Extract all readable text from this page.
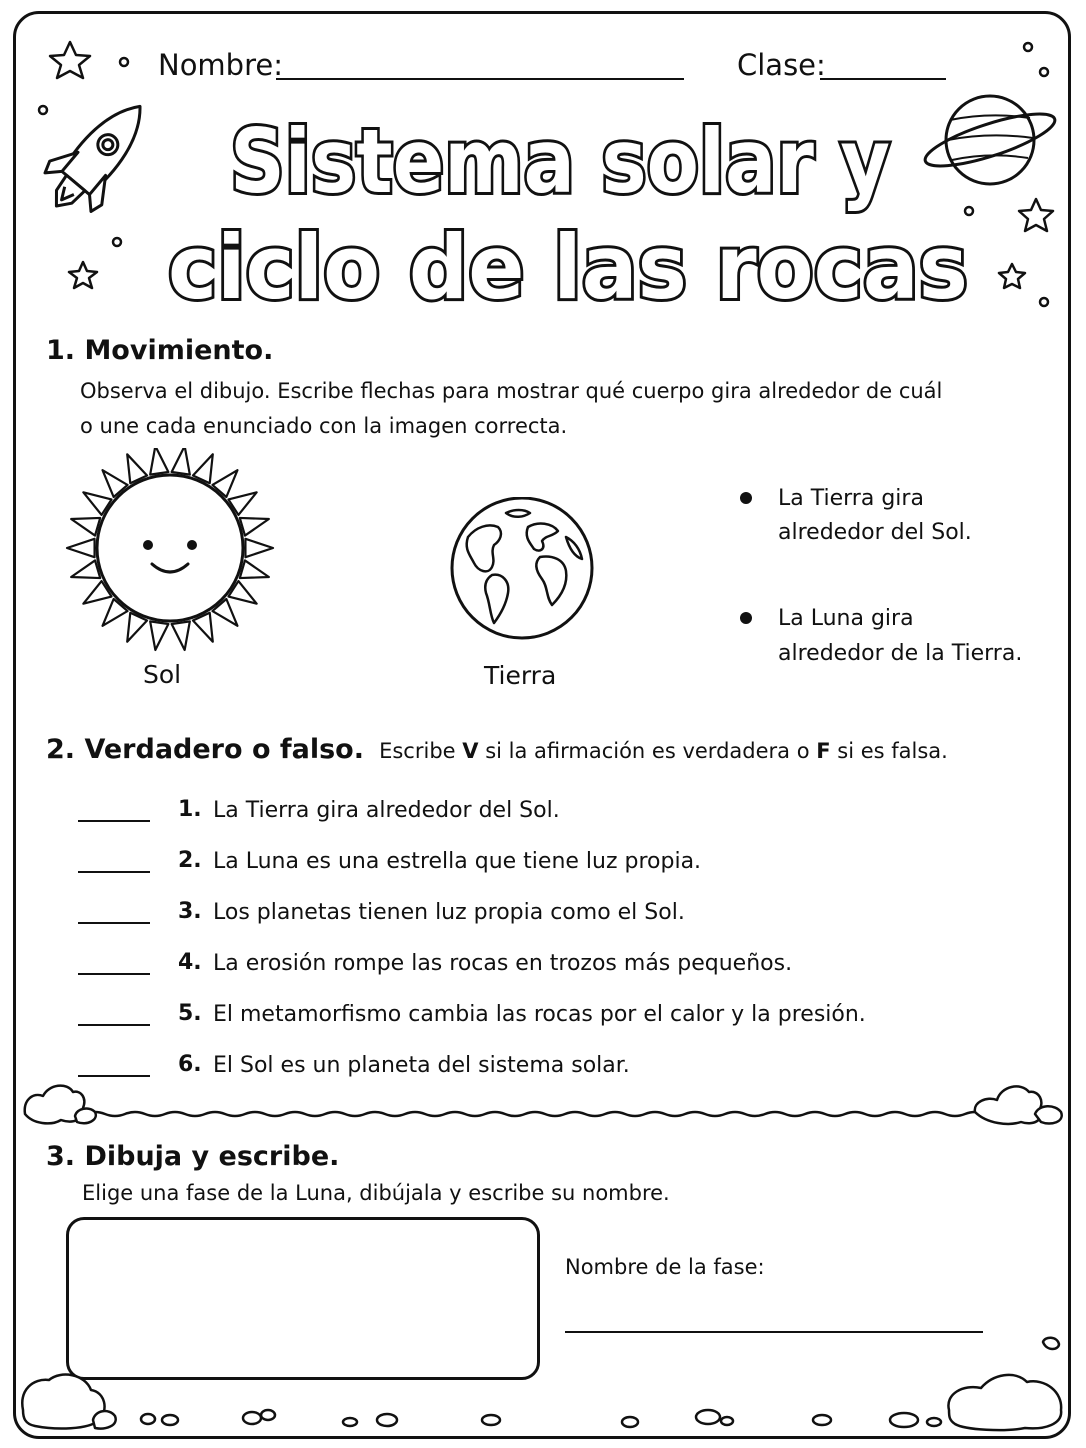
Nombre:	Clase:
Sistema solar y
ciclo de las rocas
1. Movimiento.
Observa el dibujo. Escribe flechas para mostrar qué cuerpo gira alrededor de cuál
o une cada enunciado con la imagen correcta.
Sol	Tierra
La Tierra gira
alrededor del Sol.
La Luna gira
alrededor de la Tierra.
2. Verdadero o falso. Escribe V si la afirmación es verdadera o F si es falsa.
1. La Tierra gira alrededor del Sol.
2. La Luna es una estrella que tiene luz propia.
3. Los planetas tienen luz propia como el Sol.
4. La erosión rompe las rocas en trozos más pequeños.
5. El metamorfismo cambia las rocas por el calor y la presión.
6. El Sol es un planeta del sistema solar.
3. Dibuja y escribe.
Elige una fase de la Luna, dibújala y escribe su nombre.
Nombre de la fase:
